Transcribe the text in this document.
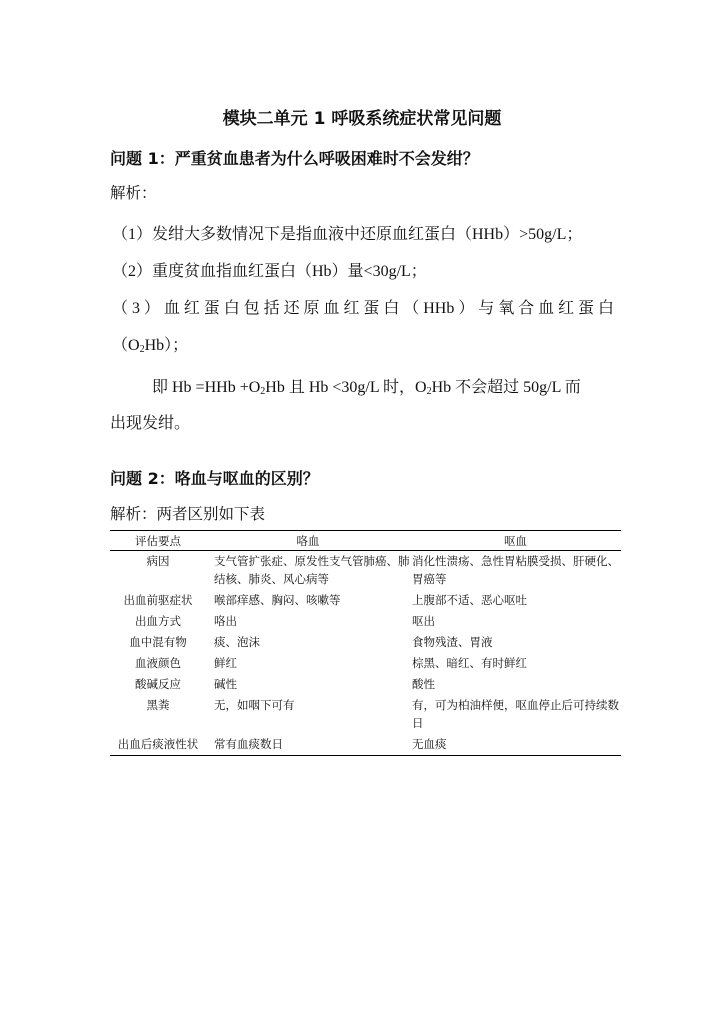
模块二单元 1 呼吸系统症状常见问题
问题 1：严重贫血患者为什么呼吸困难时不会发绀？
解析：
（1）发绀大多数情况下是指血液中还原血红蛋白（HHb）>50g/L；
（2）重度贫血指血红蛋白（Hb）量<30g/L；
（3）血红蛋白包括还原血红蛋白（HHb）与氧合血红蛋白
$(O_2Hb)$；
即 $Hb =HHb +O_2Hb$ 且 Hb <30g/L 时，$O_2Hb$ 不会超过 50g/L 而
出现发绀。
问题 2：咯血与呕血的区别？
解析：两者区别如下表
评估要点	咯血	呕血
病因	支气管扩张症、原发性支气管肺癌、肺结核、肺炎、风心病等	消化性溃疡、急性胃粘膜受损、肝硬化、胃癌等
出血前驱症状	喉部痒感、胸闷、咳嗽等	上腹部不适、恶心呕吐
出血方式	咯出	呕出
血中混有物	痰、泡沫	食物残渣、胃液
血液颜色	鲜红	棕黑、暗红、有时鲜红
酸碱反应	碱性	酸性
黑粪	无，如咽下可有	有，可为柏油样便，呕血停止后可持续数日
出血后痰液性状	常有血痰数日	无血痰
